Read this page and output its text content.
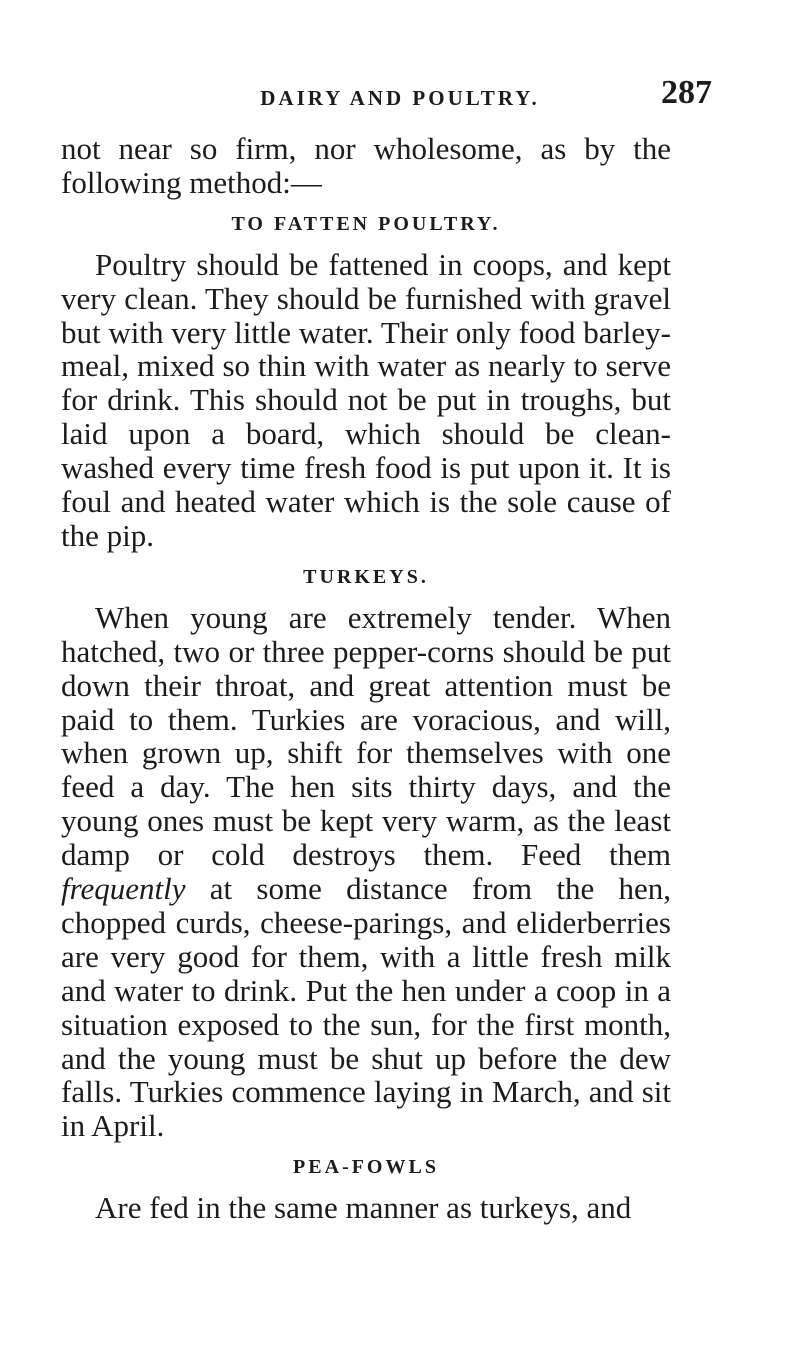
DAIRY AND POULTRY.	287

not near so firm, nor wholesome, as by the following method:—

TO FATTEN POULTRY.

Poultry should be fattened in coops, and kept very clean. They should be furnished with gravel but with very little water. Their only food barley-meal, mixed so thin with water as nearly to serve for drink. This should not be put in troughs, but laid upon a board, which should be clean-washed every time fresh food is put upon it. It is foul and heated water which is the sole cause of the pip.

TURKEYS.

When young are extremely tender. When hatched, two or three pepper-corns should be put down their throat, and great attention must be paid to them. Turkies are voracious, and will, when grown up, shift for themselves with one feed a day. The hen sits thirty days, and the young ones must be kept very warm, as the least damp or cold destroys them. Feed them frequently at some distance from the hen, chopped curds, cheese-parings, and eliderberries are very good for them, with a little fresh milk and water to drink. Put the hen under a coop in a situation exposed to the sun, for the first month, and the young must be shut up before the dew falls. Turkies commence laying in March, and sit in April.

PEA-FOWLS

Are fed in the same manner as turkeys, and
